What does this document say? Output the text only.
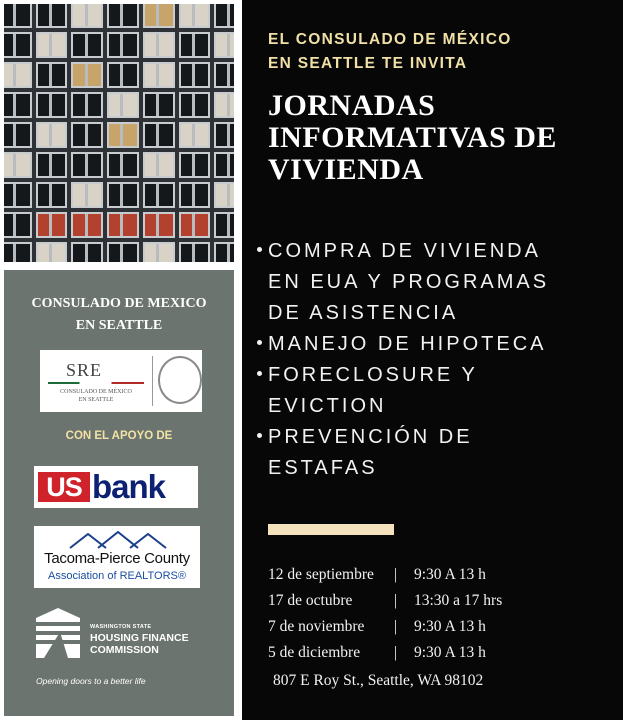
CONSULADO DE MEXICO
EN SEATTLE
SRE
CONSULADO DE MÉXICO
EN SEATTLE
CON EL APOYO DE
US bank
Tacoma-Pierce County
Association of REALTORS®
WASHINGTON STATE
HOUSING FINANCE
COMMISSION
Opening doors to a better life
EL CONSULADO DE MÉXICO
EN SEATTLE TE INVITA
JORNADAS
INFORMATIVAS DE
VIVIENDA
COMPRA DE VIVIENDA
EN EUA Y PROGRAMAS
DE ASISTENCIA
MANEJO DE HIPOTECA
FORECLOSURE Y
EVICTION
PREVENCIÓN DE
ESTAFAS
12 de septiembre | 9:30 A 13 h
17 de octubre	| 13:30 a 17 hrs
7 de noviembre | 9:30 A 13 h
5 de diciembre | 9:30 A 13 h
807 E Roy St., Seattle, WA 98102
